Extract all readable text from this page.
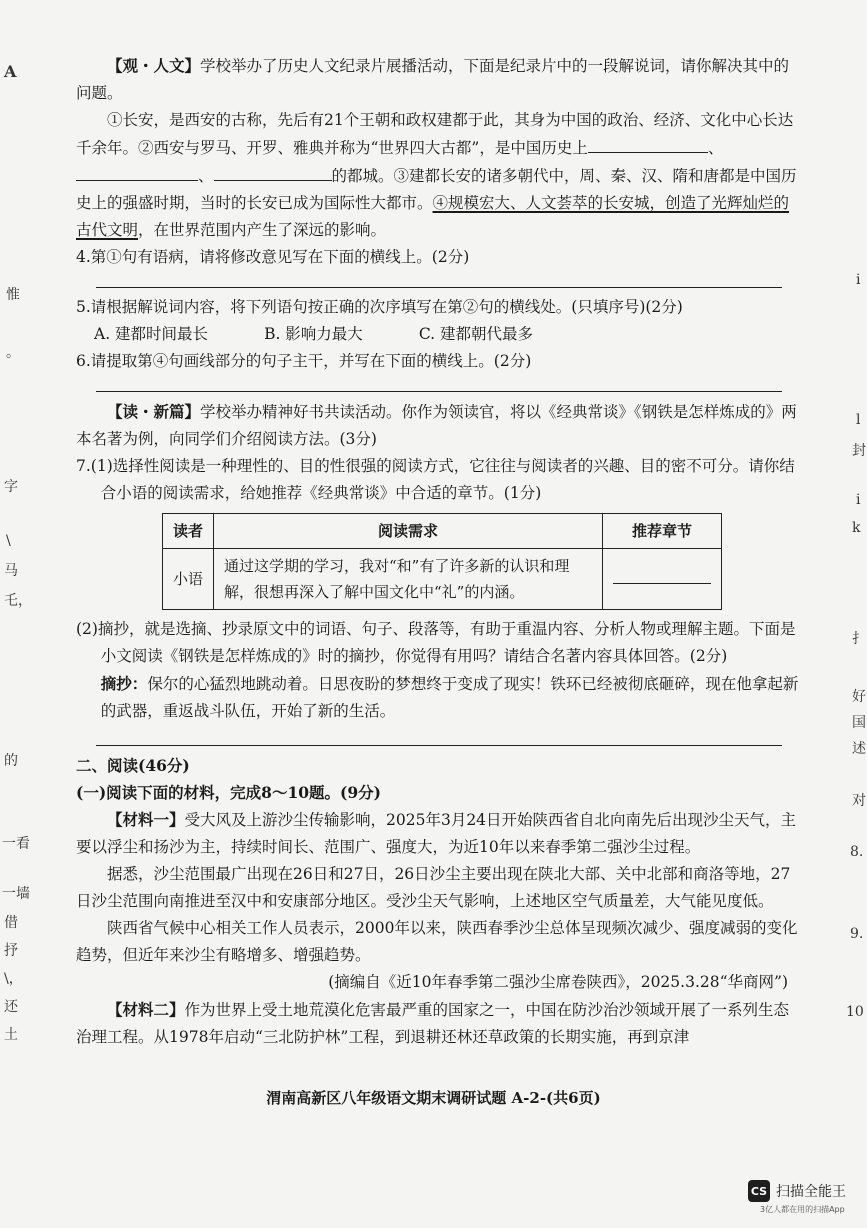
A
惟
。
字
\
马
乇，
的
一看
一墙
借
抒
\，
还
土
i
l
封
i
k
扌
好
国
述
对
8.
9.
10

【观・人文】学校举办了历史人文纪录片展播活动，下面是纪录片中的一段解说词，请你解决其中的问题。

①长安，是西安的古称，先后有21个王朝和政权建都于此，其身为中国的政治、经济、文化中心长达千余年。②西安与罗马、开罗、雅典并称为“世界四大古都”，是中国历史上	、、	的都城。③建都长安的诸多朝代中，周、秦、汉、隋和唐都是中国历史上的强盛时期，当时的长安已成为国际性大都市。④规模宏大、人文荟萃的长安城，创造了光辉灿烂的古代文明，在世界范围内产生了深远的影响。

4.第①句有语病，请将修改意见写在下面的横线上。(2分)

5.请根据解说词内容，将下列语句按正确的次序填写在第②句的横线处。(只填序号)(2分)

A. 建都时间最长	B. 影响力最大	C. 建都朝代最多

6.请提取第④句画线部分的句子主干，并写在下面的横线上。(2分)

【读・新篇】学校举办精神好书共读活动。你作为领读官，将以《经典常谈》《钢铁是怎样炼成的》两本名著为例，向同学们介绍阅读方法。(3分)

7.(1)选择性阅读是一种理性的、目的性很强的阅读方式，它往往与阅读者的兴趣、目的密不可分。请你结合小语的阅读需求，给她推荐《经典常谈》中合适的章节。(1分)

读者	阅读需求	推荐章节
小语	通过这学期的学习，我对“和”有了许多新的认识和理解，很想再深入了解中国文化中“礼”的内涵。	

(2)摘抄，就是选摘、抄录原文中的词语、句子、段落等，有助于重温内容、分析人物或理解主题。下面是小文阅读《钢铁是怎样炼成的》时的摘抄，你觉得有用吗？请结合名著内容具体回答。(2分)

摘抄：保尔的心猛烈地跳动着。日思夜盼的梦想终于变成了现实！铁环已经被彻底砸碎，现在他拿起新的武器，重返战斗队伍，开始了新的生活。

二、阅读(46分)

(一)阅读下面的材料，完成8～10题。(9分)

【材料一】受大风及上游沙尘传输影响，2025年3月24日开始陕西省自北向南先后出现沙尘天气，主要以浮尘和扬沙为主，持续时间长、范围广、强度大，为近10年以来春季第二强沙尘过程。

据悉，沙尘范围最广出现在26日和27日，26日沙尘主要出现在陕北大部、关中北部和商洛等地，27日沙尘范围向南推进至汉中和安康部分地区。受沙尘天气影响，上述地区空气质量差，大气能见度低。

陕西省气候中心相关工作人员表示，2000年以来，陕西春季沙尘总体呈现频次减少、强度减弱的变化趋势，但近年来沙尘有略增多、增强趋势。

(摘编自《近10年春季第二强沙尘席卷陕西》，2025.3.28“华商网”)

【材料二】作为世界上受土地荒漠化危害最严重的国家之一，中国在防沙治沙领域开展了一系列生态治理工程。从1978年启动“三北防护林”工程，到退耕还林还草政策的长期实施，再到京津

渭南高新区八年级语文期末调研试题 A-2-(共6页)
CS 扫描全能王
3亿人都在用的扫描App
